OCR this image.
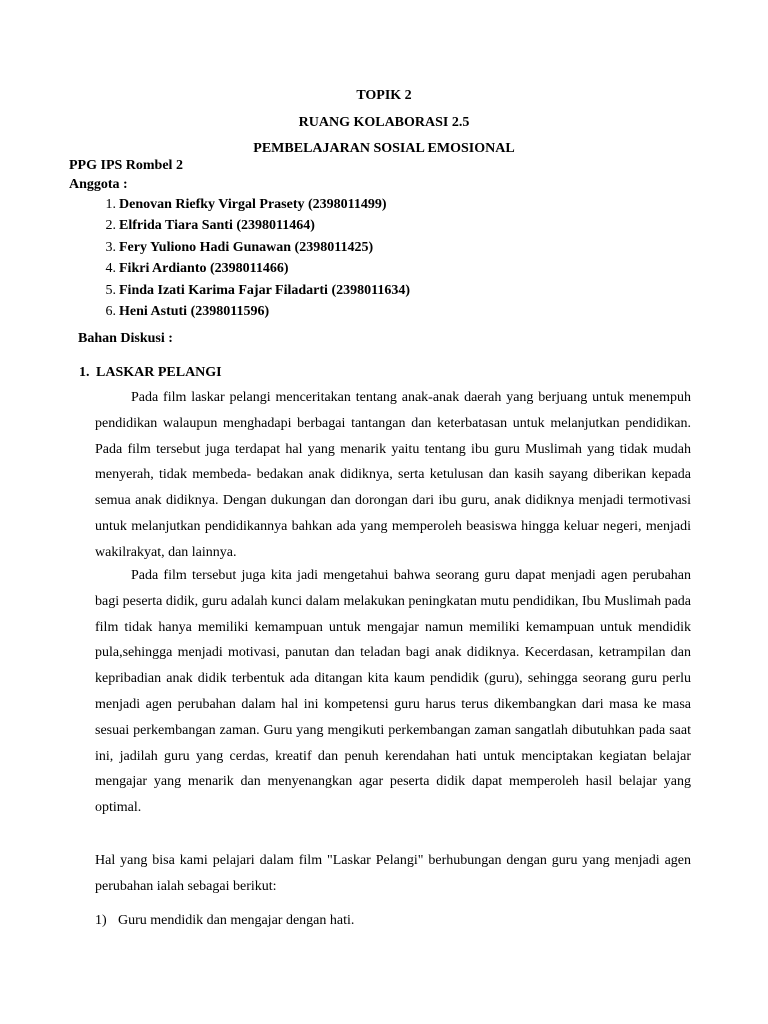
TOPIK 2
RUANG KOLABORASI 2.5
PEMBELAJARAN SOSIAL EMOSIONAL
PPG IPS Rombel 2
Anggota :
1. Denovan Riefky Virgal Prasety (2398011499)
2. Elfrida Tiara Santi (2398011464)
3. Fery Yuliono Hadi Gunawan (2398011425)
4. Fikri Ardianto (2398011466)
5. Finda Izati Karima Fajar Filadarti (2398011634)
6. Heni Astuti (2398011596)
Bahan Diskusi :
1. LASKAR PELANGI

Pada film laskar pelangi menceritakan tentang anak-anak daerah yang berjuang untuk menempuh pendidikan walaupun menghadapi berbagai tantangan dan keterbatasan untuk melanjutkan pendidikan. Pada film tersebut juga terdapat hal yang menarik yaitu tentang ibu guru Muslimah yang tidak mudah menyerah, tidak membeda- bedakan anak didiknya, serta ketulusan dan kasih sayang diberikan kepada semua anak didiknya. Dengan dukungan dan dorongan dari ibu guru, anak didiknya menjadi termotivasi untuk melanjutkan pendidikannya bahkan ada yang memperoleh beasiswa hingga keluar negeri, menjadi wakilrakyat, dan lainnya.

Pada film tersebut juga kita jadi mengetahui bahwa seorang guru dapat menjadi agen perubahan bagi peserta didik, guru adalah kunci dalam melakukan peningkatan mutu pendidikan, Ibu Muslimah pada film tidak hanya memiliki kemampuan untuk mengajar namun memiliki kemampuan untuk mendidik pula,sehingga menjadi motivasi, panutan dan teladan bagi anak didiknya. Kecerdasan, ketrampilan dan kepribadian anak didik terbentuk ada ditangan kita kaum pendidik (guru), sehingga seorang guru perlu menjadi agen perubahan dalam hal ini kompetensi guru harus terus dikembangkan dari masa ke masa sesuai perkembangan zaman. Guru yang mengikuti perkembangan zaman sangatlah dibutuhkan pada saat ini, jadilah guru yang cerdas, kreatif dan penuh kerendahan hati untuk menciptakan kegiatan belajar mengajar yang menarik dan menyenangkan agar peserta didik dapat memperoleh hasil belajar yang optimal.

Hal yang bisa kami pelajari dalam film "Laskar Pelangi" berhubungan dengan guru yang menjadi agen perubahan ialah sebagai berikut:

1) Guru mendidik dan mengajar dengan hati.
